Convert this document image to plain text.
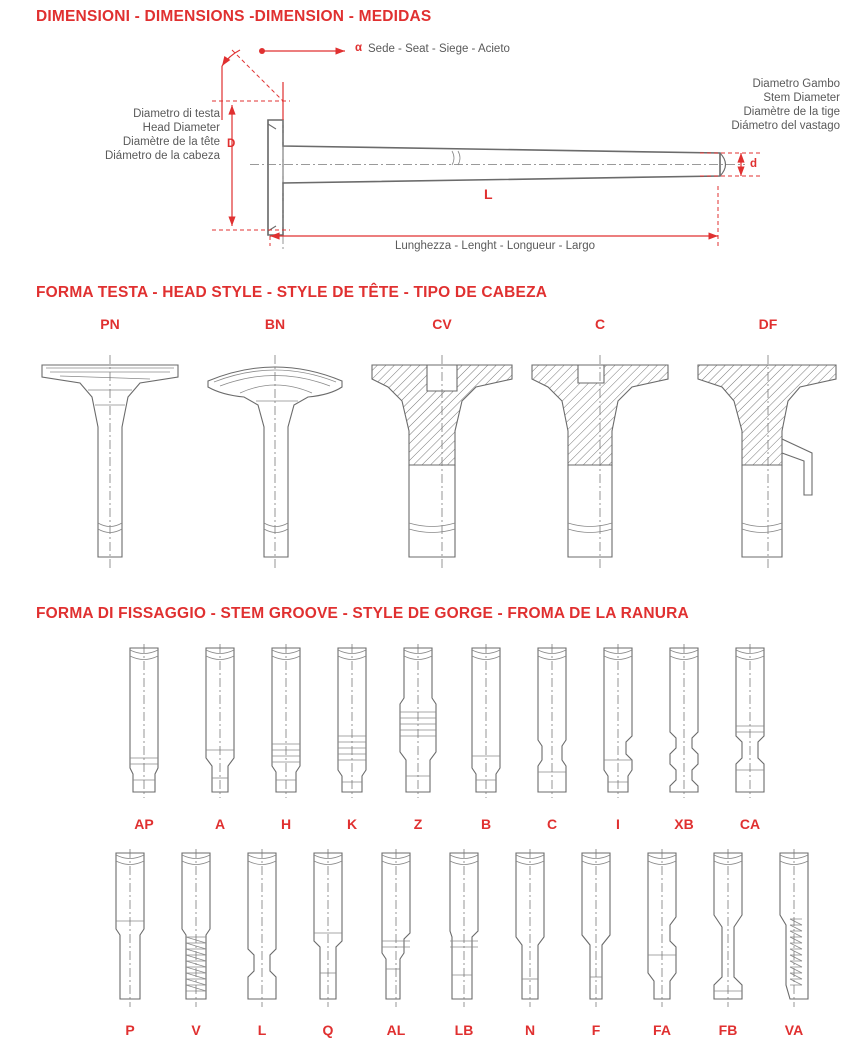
DIMENSIONI - DIMENSIONS -DIMENSION - MEDIDAS
α Sede - Seat - Siege - Acieto
Diametro di testa
Head Diameter
Diamètre de la tête
Diámetro de la cabeza
D
Diametro Gambo
Stem Diameter
Diamètre de la tige
Diámetro del vastago
d
L
Lunghezza - Lenght - Longueur - Largo
FORMA TESTA - HEAD STYLE - STYLE DE TÊTE - TIPO DE CABEZA
PN	BN	CV	C	DF
FORMA DI FISSAGGIO - STEM GROOVE - STYLE DE GORGE - FROMA DE LA RANURA
AP	A	H	K	Z	B	C	I	XB	CA
P	V	L	Q	AL	LB	N	F	FA	FB	VA
